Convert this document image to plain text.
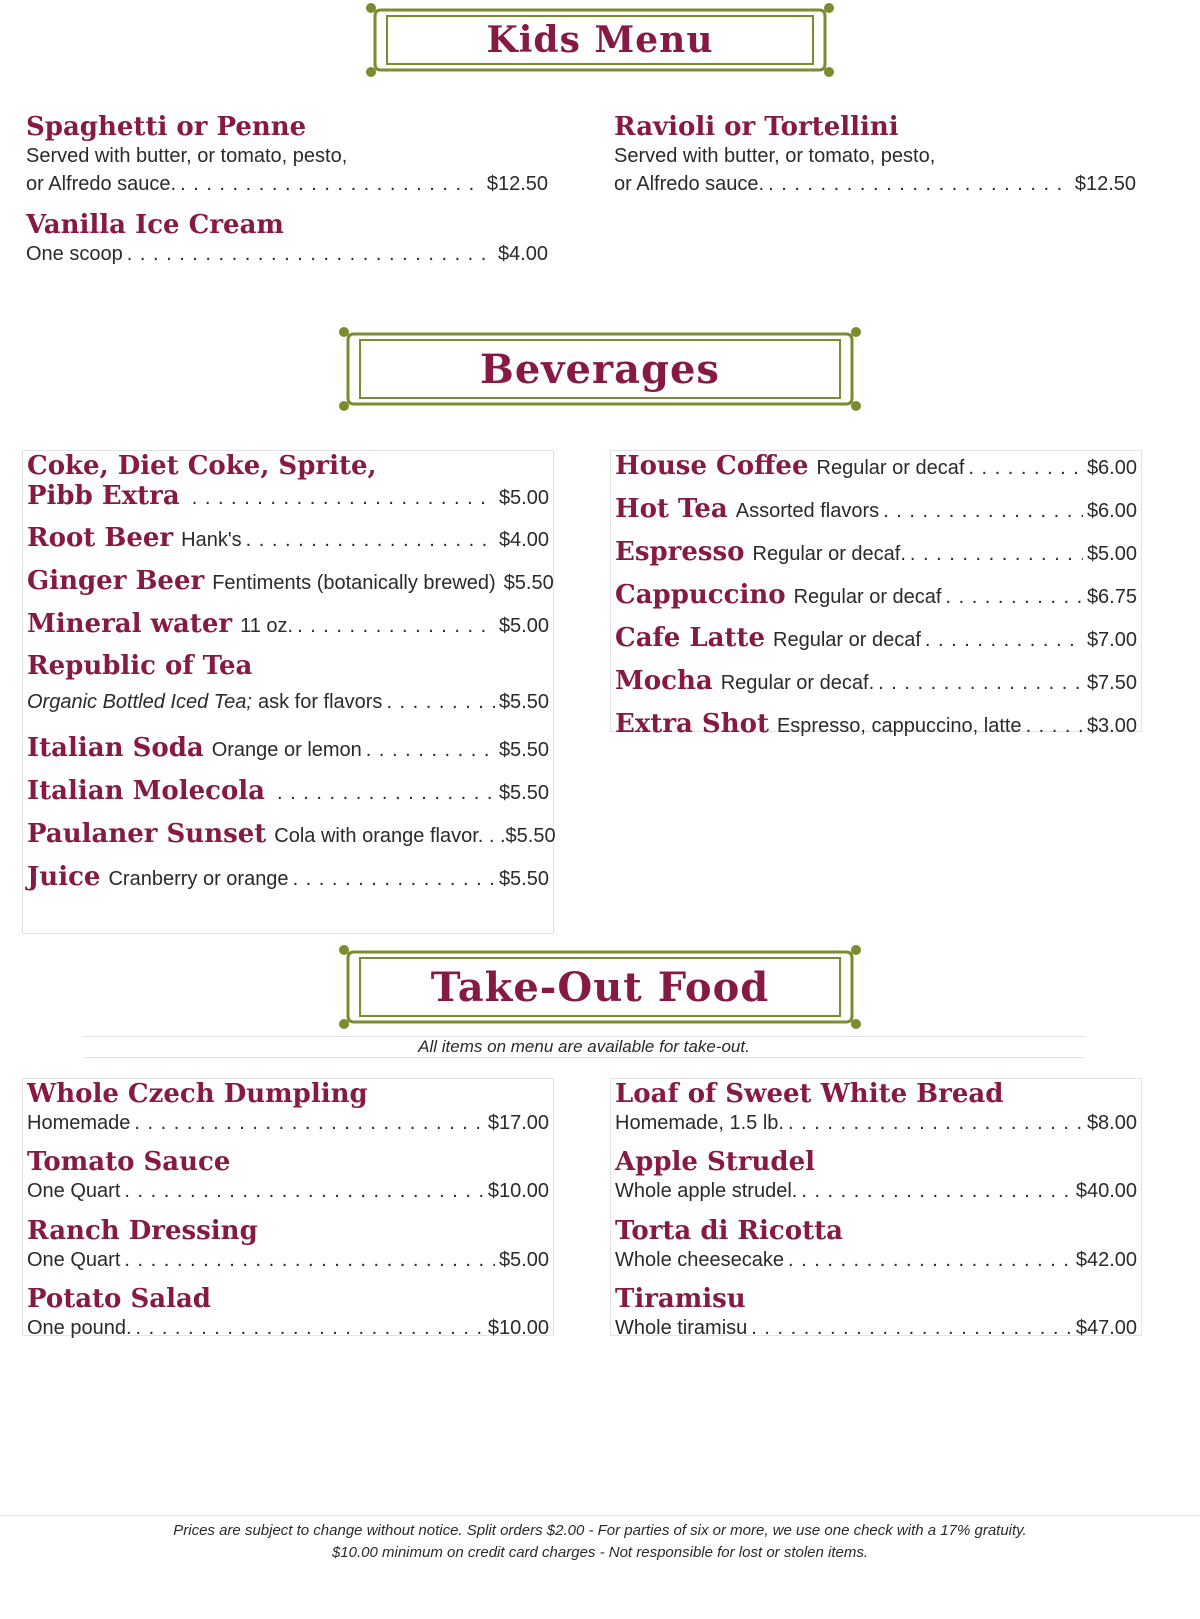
Kids Menu
Spaghetti or Penne
Served with butter, or tomato, pesto,
or Alfredo sauce. . . .	$12.50
Vanilla Ice Cream
One scoop . . .	$4.00
Ravioli or Tortellini
Served with butter, or tomato, pesto,
or Alfredo sauce. . . .	$12.50
Beverages
Coke, Diet Coke, Sprite,
Pibb Extra . . .	$5.00
Root Beer Hank's . . .	$4.00
Ginger Beer Fentiments (botanically brewed) $5.50
Mineral water 11 oz. . . .	$5.00
Republic of Tea
Organic Bottled Iced Tea; ask for flavors . . .	$5.50
Italian Soda Orange or lemon . . .	$5.50
Italian Molecola . . .	$5.50
Paulaner Sunset Cola with orange flavor. . . $5.50
Juice Cranberry or orange . . .	$5.50
House Coffee Regular or decaf . . .	$6.00
Hot Tea Assorted flavors . . .	$6.00
Espresso Regular or decaf. . . .	$5.00
Cappuccino Regular or decaf . . .	$6.75
Cafe Latte Regular or decaf . . .	$7.00
Mocha Regular or decaf. . . .	$7.50
Extra Shot Espresso, cappuccino, latte . . .	$3.00
Take-Out Food
All items on menu are available for take-out.
Whole Czech Dumpling
Homemade . . .	$17.00
Tomato Sauce
One Quart . . .	$10.00
Ranch Dressing
One Quart . . .	$5.00
Potato Salad
One pound. . . .	$10.00
Loaf of Sweet White Bread
Homemade, 1.5 lb. . . .	$8.00
Apple Strudel
Whole apple strudel. . . .	$40.00
Torta di Ricotta
Whole cheesecake . . .	$42.00
Tiramisu
Whole tiramisu . . .	$47.00
Prices are subject to change without notice. Split orders $2.00 - For parties of six or more, we use one check with a 17% gratuity.
$10.00 minimum on credit card charges - Not responsible for lost or stolen items.
